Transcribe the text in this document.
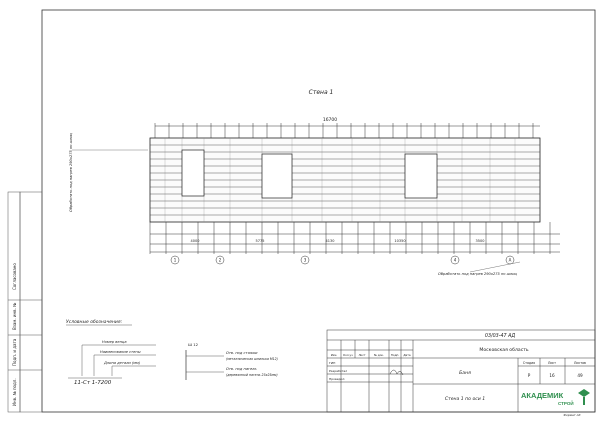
Согласовано
Взам. инв. №
Подп. и дата
Инв. № подл.
Стена 1
16700
Обработать под нагрев 290х275 по шлиц
4000	5775	4130	10350	3500
1	2	3	4	A
Обработать под нагрев 290х275 по шлиц
Условные обозначения:
Номер венца
Наименование стены
Длина детали (мм)
11-Ст 1-7200
Ш 12
Отв. под стяжки
(металлическая шпилька М12)
Отв. под нагель
(деревянный нагель 25х25мм)
03/03-47 АД
Московская область
Баня
Стена 1 по оси 1
Стадия	Лист	Листов
Р	16	49
Изм. Кол.уч Лист	№ док. Подп. Дата
ГИП
Разработал
Проверил
АКАДЕМИК
СТРОЙ
Формат А3
